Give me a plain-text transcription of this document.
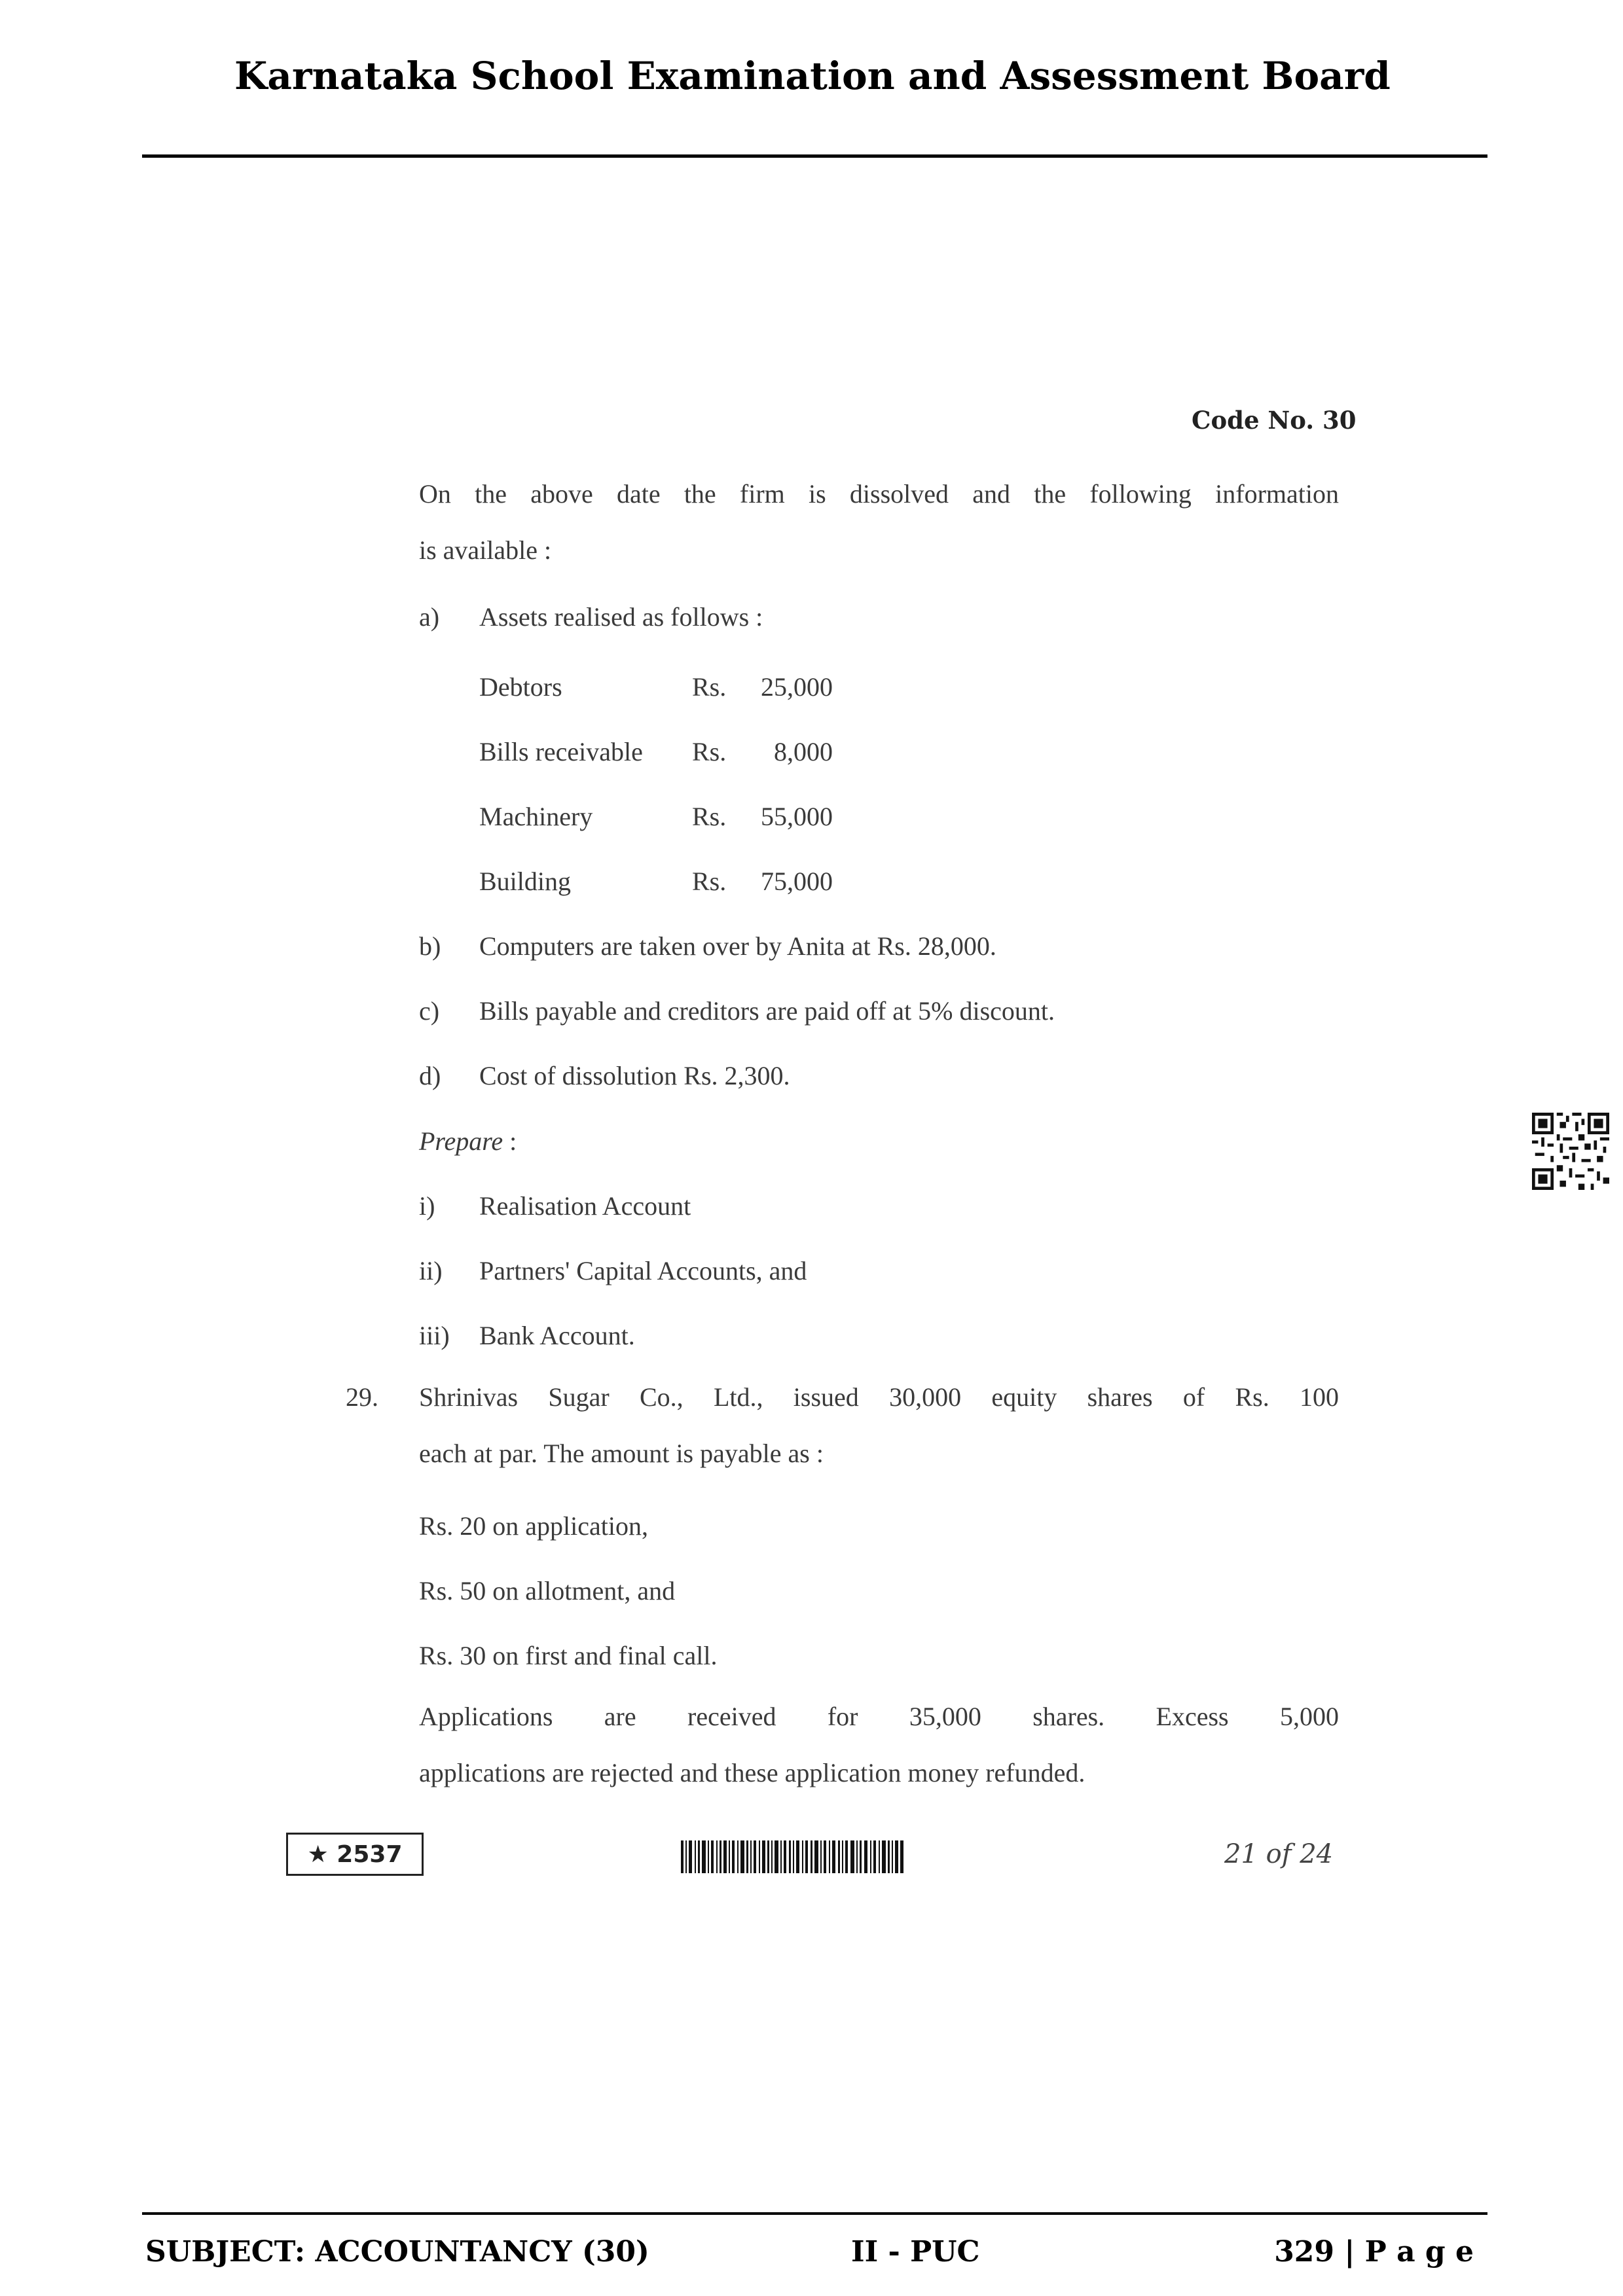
Karnataka School Examination and Assessment Board
Code No. 30
On the above date the firm is dissolved and the following information
is available :
a)	Assets realised as follows :
Debtors	Rs.	25,000
Bills receivable	Rs.	8,000
Machinery	Rs.	55,000
Building	Rs.	75,000
b)	Computers are taken over by Anita at Rs. 28,000.
c)	Bills payable and creditors are paid off at 5% discount.
d)	Cost of dissolution Rs. 2,300.
Prepare :
i)	Realisation Account
ii)	Partners' Capital Accounts, and
iii)	Bank Account.
29. Shrinivas Sugar Co., Ltd., issued 30,000 equity shares of Rs. 100
each at par. The amount is payable as :
Rs. 20 on application,
Rs. 50 on allotment, and
Rs. 30 on first and final call.
Applications are received for 35,000 shares. Excess 5,000
applications are rejected and these application money refunded.
★ 2537	21 of 24
SUBJECT: ACCOUNTANCY (30)	II - PUC	329 | P a g e
